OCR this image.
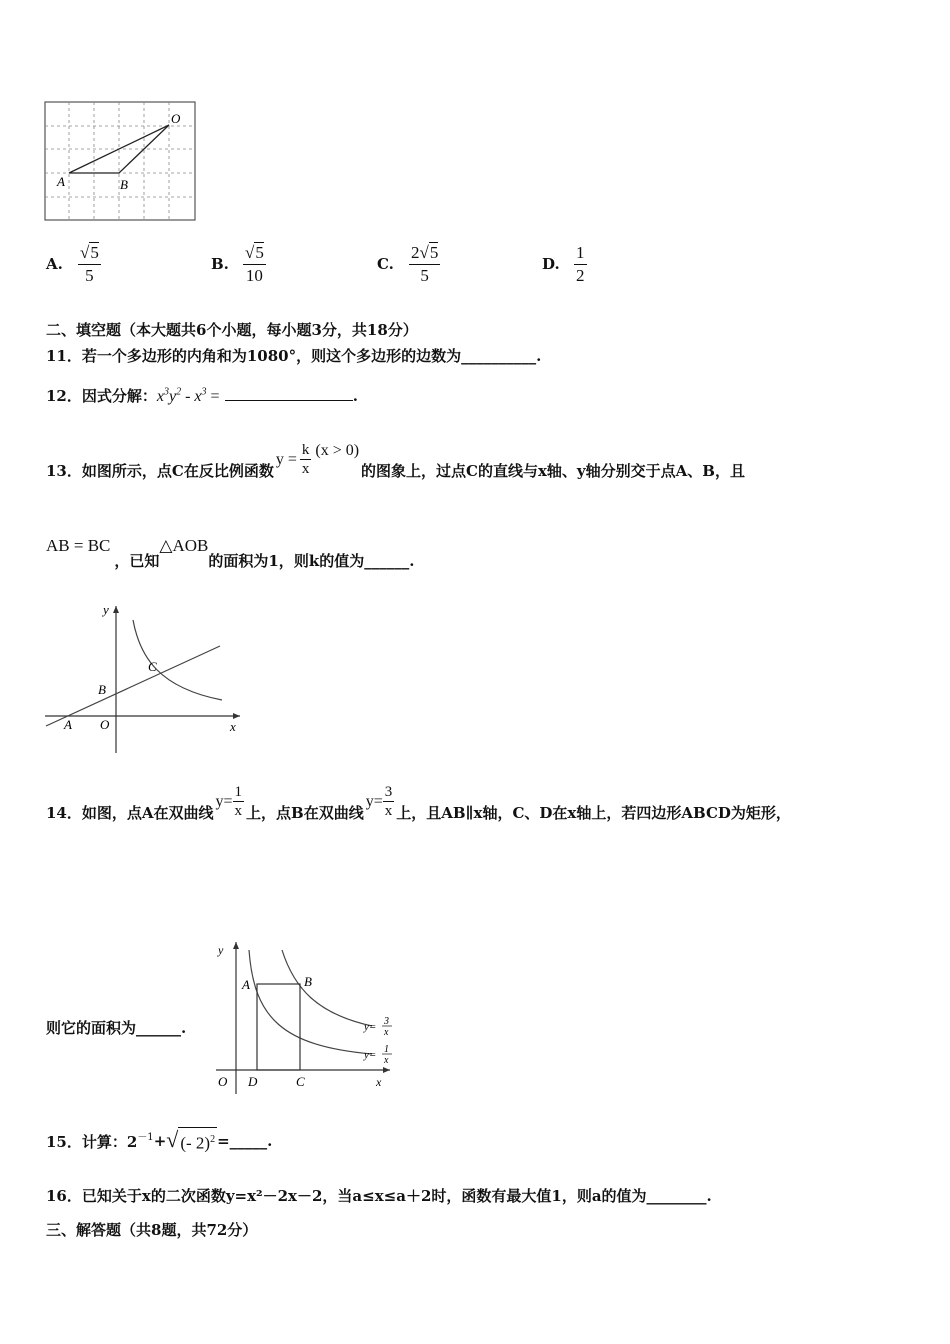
O
A	B
A. $\frac{√5}{5}$	B. $\frac{√5}{10}$	C. $\frac{2√5}{5}$	D. $\frac{1}{2}$
二、填空题（本大题共6个小题，每小题3分，共18分）
11．若一个多边形的内角和为1080°，则这个多边形的边数为__________.
12．因式分解：$x^3y^2 - x^3$ =	.
13．如图所示，点C在反比例函数
$y = \frac{k}{x} (x > 0)$
的图象上，过点C的直线与x轴、y轴分别交于点A、B，且
AB = BC
，已知
△AOB
的面积为1，则k的值为______.
y
x
A O
B
C
14．如图，点A在双曲线
$y= \frac{1}{x}$ 上，点B在双曲线
$y= \frac{3}{x}$ 上，且AB∥x轴，C、D在x轴上，若四边形ABCD为矩形，
则它的面积为______.
y
x
A	B
O D	C
y= 3
x
y= 1
x
15．计算：$2^{-1}$ + √ (- 2)$^2$ =_____.
16．已知关于x的二次函数y=x²－2x－2，当a≤x≤a＋2时，函数有最大值1，则a的值为________.
三、解答题（共8题，共72分）
